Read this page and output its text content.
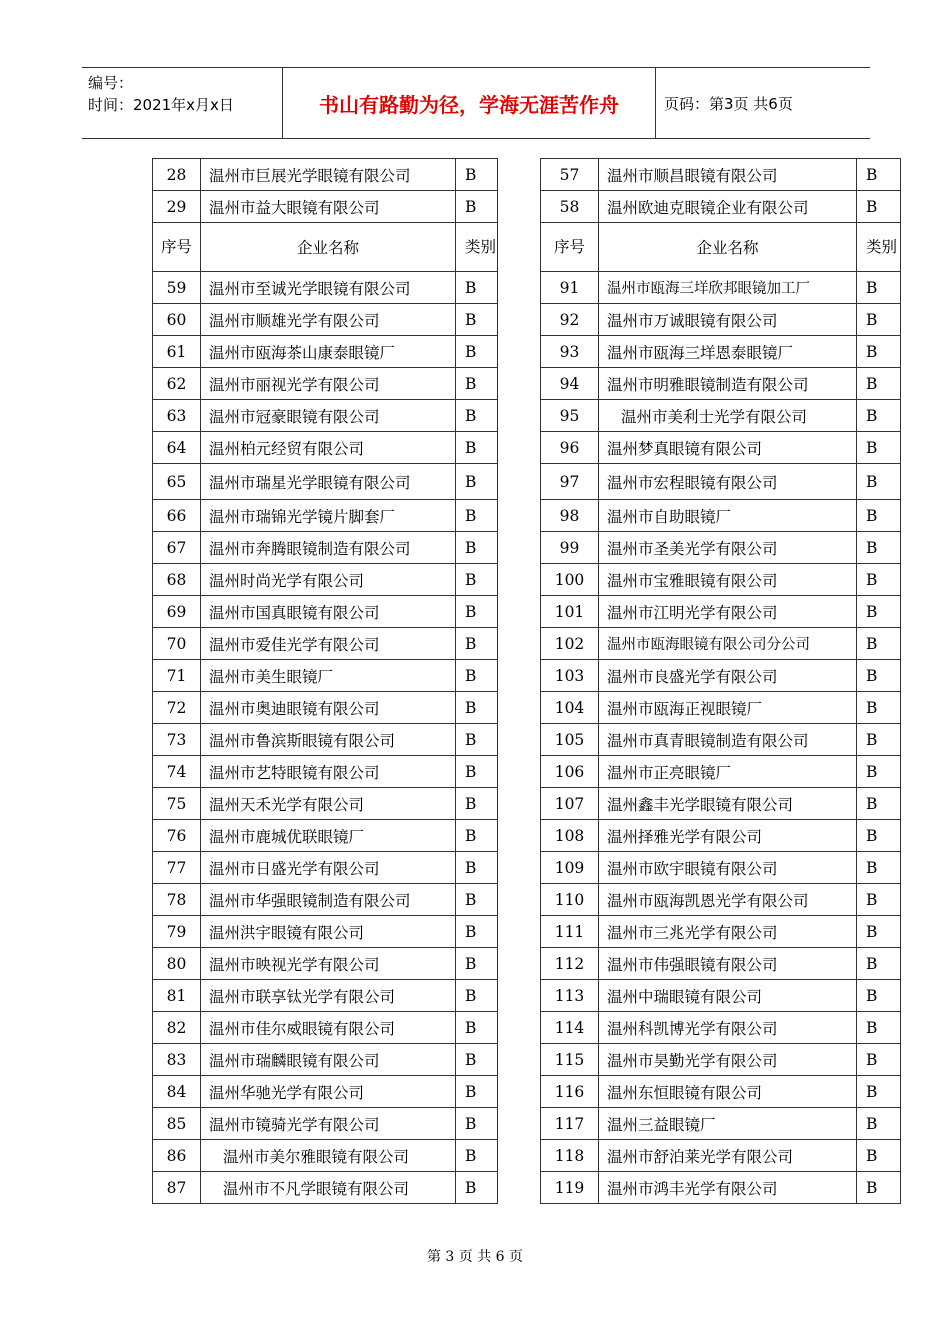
编号：
时间：2021年x月x日	书山有路勤为径，学海无涯苦作舟	页码：第3页 共6页
28	温州市巨展光学眼镜有限公司	B
29	温州市益大眼镜有限公司	B
序号	企业名称	类别
59	温州市至诚光学眼镜有限公司	B
60	温州市顺雄光学有限公司	B
61	温州市瓯海茶山康泰眼镜厂	B
62	温州市丽视光学有限公司	B
63	温州市冠豪眼镜有限公司	B
64	温州柏元经贸有限公司	B
65	温州市瑞星光学眼镜有限公司	B
66	温州市瑞锦光学镜片脚套厂	B
67	温州市奔腾眼镜制造有限公司	B
68	温州时尚光学有限公司	B
69	温州市国真眼镜有限公司	B
70	温州市爱佳光学有限公司	B
71	温州市美生眼镜厂	B
72	温州市奥迪眼镜有限公司	B
73	温州市鲁滨斯眼镜有限公司	B
74	温州市艺特眼镜有限公司	B
75	温州天禾光学有限公司	B
76	温州市鹿城优联眼镜厂	B
77	温州市日盛光学有限公司	B
78	温州市华强眼镜制造有限公司	B
79	温州洪宇眼镜有限公司	B
80	温州市映视光学有限公司	B
81	温州市联享钛光学有限公司	B
82	温州市佳尔威眼镜有限公司	B
83	温州市瑞麟眼镜有限公司	B
84	温州华驰光学有限公司	B
85	温州市镜骑光学有限公司	B
86	温州市美尔雅眼镜有限公司	B
87	温州市不凡学眼镜有限公司	B
57	温州市顺昌眼镜有限公司	B
58	温州欧迪克眼镜企业有限公司	B
序号	企业名称	类别
91	温州市瓯海三垟欣邦眼镜加工厂	B
92	温州市万诚眼镜有限公司	B
93	温州市瓯海三垟恩泰眼镜厂	B
94	温州市明雅眼镜制造有限公司	B
95	温州市美利士光学有限公司	B
96	温州梦真眼镜有限公司	B
97	温州市宏程眼镜有限公司	B
98	温州市自助眼镜厂	B
99	温州市圣美光学有限公司	B
100	温州市宝雅眼镜有限公司	B
101	温州市江明光学有限公司	B
102	温州市瓯海眼镜有限公司分公司	B
103	温州市良盛光学有限公司	B
104	温州市瓯海正视眼镜厂	B
105	温州市真青眼镜制造有限公司	B
106	温州市正亮眼镜厂	B
107	温州鑫丰光学眼镜有限公司	B
108	温州择雅光学有限公司	B
109	温州市欧宇眼镜有限公司	B
110	温州市瓯海凯恩光学有限公司	B
111	温州市三兆光学有限公司	B
112	温州市伟强眼镜有限公司	B
113	温州中瑞眼镜有限公司	B
114	温州科凯博光学有限公司	B
115	温州市昊勤光学有限公司	B
116	温州东恒眼镜有限公司	B
117	温州三益眼镜厂	B
118	温州市舒泊莱光学有限公司	B
119	温州市鸿丰光学有限公司	B
第 3 页 共 6 页
